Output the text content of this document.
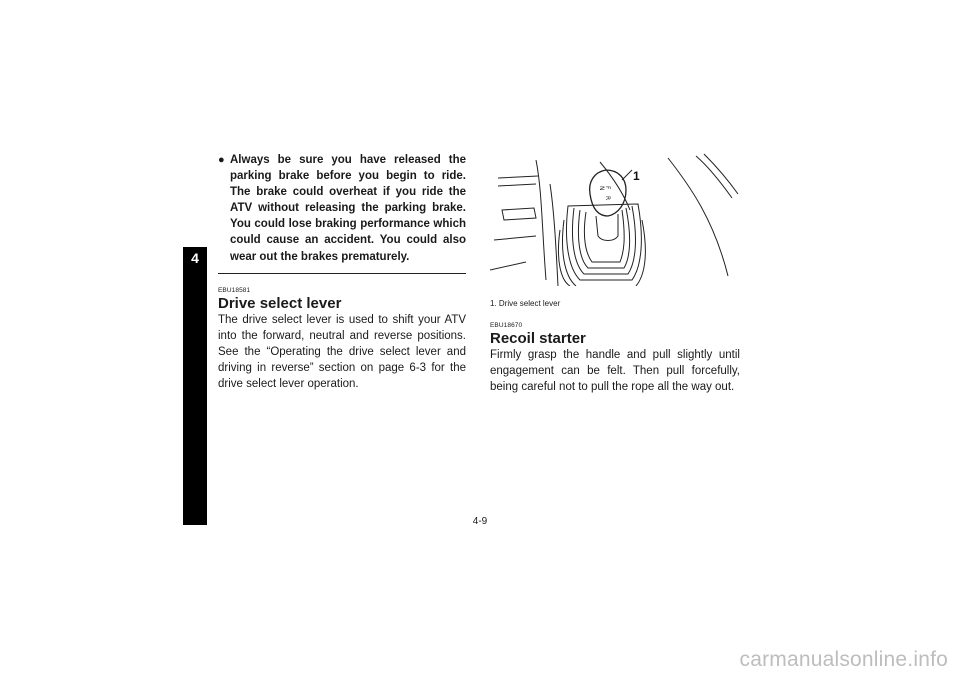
4
● Always be sure you have released the parking brake before you begin to ride. The brake could overheat if you ride the ATV without releasing the parking brake. You could lose braking performance which could cause an accident. You could also wear out the brakes prematurely.

EBU18581
Drive select lever

The drive select lever is used to shift your ATV into the forward, neutral and reverse positions. See the “Operating the drive select lever and driving in reverse” section on page 6-3 for the drive select lever operation.

F
N
R
1
1. Drive select lever
EBU18670
Recoil starter

Firmly grasp the handle and pull slightly until engagement can be felt. Then pull forcefully, being careful not to pull the rope all the way out.

4-9
carmanualsonline.info
